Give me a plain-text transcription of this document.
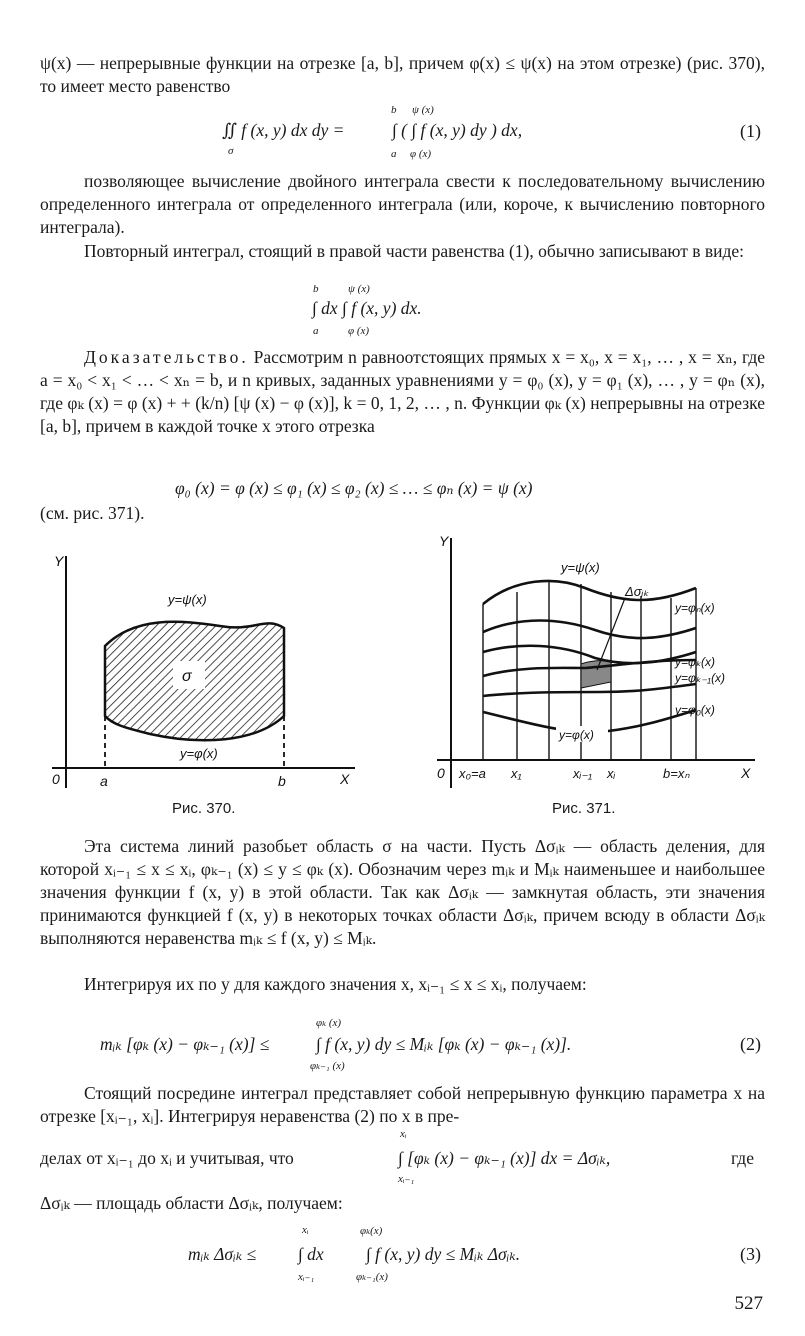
ψ(x) — непрерывные функции на отрезке [a, b], причем φ(x) ≤ ψ(x) на этом отрезке) (рис. 370), то имеет место равенство

∬ f (x, y) dx dy =
σ
∫ ( ∫ f (x, y) dy ) dx,
b
a
ψ (x)
φ (x)
(1)

позволяющее вычисление двойного интеграла свести к последовательному вычислению определенного интеграла от определенного интеграла (или, короче, к вычислению повторного интеграла).

Повторный интеграл, стоящий в правой части равенства (1), обычно записывают в виде:

∫ dx ∫ f (x, y) dx.
b
a
ψ (x)
φ (x)

Доказательство. Рассмотрим n равноотстоящих прямых x = x₀, x = x₁, … , x = xₙ, где a = x₀ < x₁ < … < xₙ = b, и n кривых, заданных уравнениями y = φ₀ (x), y = φ₁ (x), … , y = φₙ (x), где φₖ (x) = φ (x) + + (k/n) [ψ (x) − φ (x)], k = 0, 1, 2, … , n. Функции φₖ (x) непрерывны на отрезке [a, b], причем в каждой точке x этого отрезка

φ₀ (x) = φ (x) ≤ φ₁ (x) ≤ φ₂ (x) ≤ … ≤ φₙ (x) = ψ (x)

(см. рис. 371).

σ
y=ψ(x)
y=φ(x)
Y
X
0	a	b
Рис. 370.
y=ψ(x)
Δσᵢₖ
y=φₙ(x)
y=φₖ(x)
y=φₖ₋₁(x)
y=φ₀(x)
y=φ(x)
Y
0	X
x₀=a x₁	xᵢ₋₁ xᵢ	b=xₙ
Рис. 371.

Эта система линий разобьет область σ на части. Пусть Δσᵢₖ — область деления, для которой xᵢ₋₁ ≤ x ≤ xᵢ, φₖ₋₁ (x) ≤ y ≤ φₖ (x). Обозначим через mᵢₖ и Mᵢₖ наименьшее и наибольшее значения функции f (x, y) в этой области. Так как Δσᵢₖ — замкнутая область, эти значения принимаются функцией f (x, y) в некоторых точках области Δσᵢₖ, причем всюду в области Δσᵢₖ выполняются неравенства mᵢₖ ≤ f (x, y) ≤ Mᵢₖ.

Интегрируя их по y для каждого значения x, xᵢ₋₁ ≤ x ≤ xᵢ, получаем:

mᵢₖ [φₖ (x) − φₖ₋₁ (x)] ≤	∫ f (x, y) dy ≤ Mᵢₖ [φₖ (x) − φₖ₋₁ (x)].
φₖ (x)
φₖ₋₁ (x)
(2)

Стоящий посредине интеграл представляет собой непрерывную функцию параметра x на отрезке [xᵢ₋₁, xᵢ]. Интегрируя неравенства (2) по x в пре-

делах от xᵢ₋₁ до xᵢ и учитывая, что	∫ [φₖ (x) − φₖ₋₁ (x)] dx = Δσᵢₖ,
xᵢ
xᵢ₋₁
где

Δσᵢₖ — площадь области Δσᵢₖ, получаем:

mᵢₖ Δσᵢₖ ≤ ∫ dx ∫ f (x, y) dy ≤ Mᵢₖ Δσᵢₖ.
xᵢ
xᵢ₋₁
φₖ(x)
φₖ₋₁(x)
(3)
527
